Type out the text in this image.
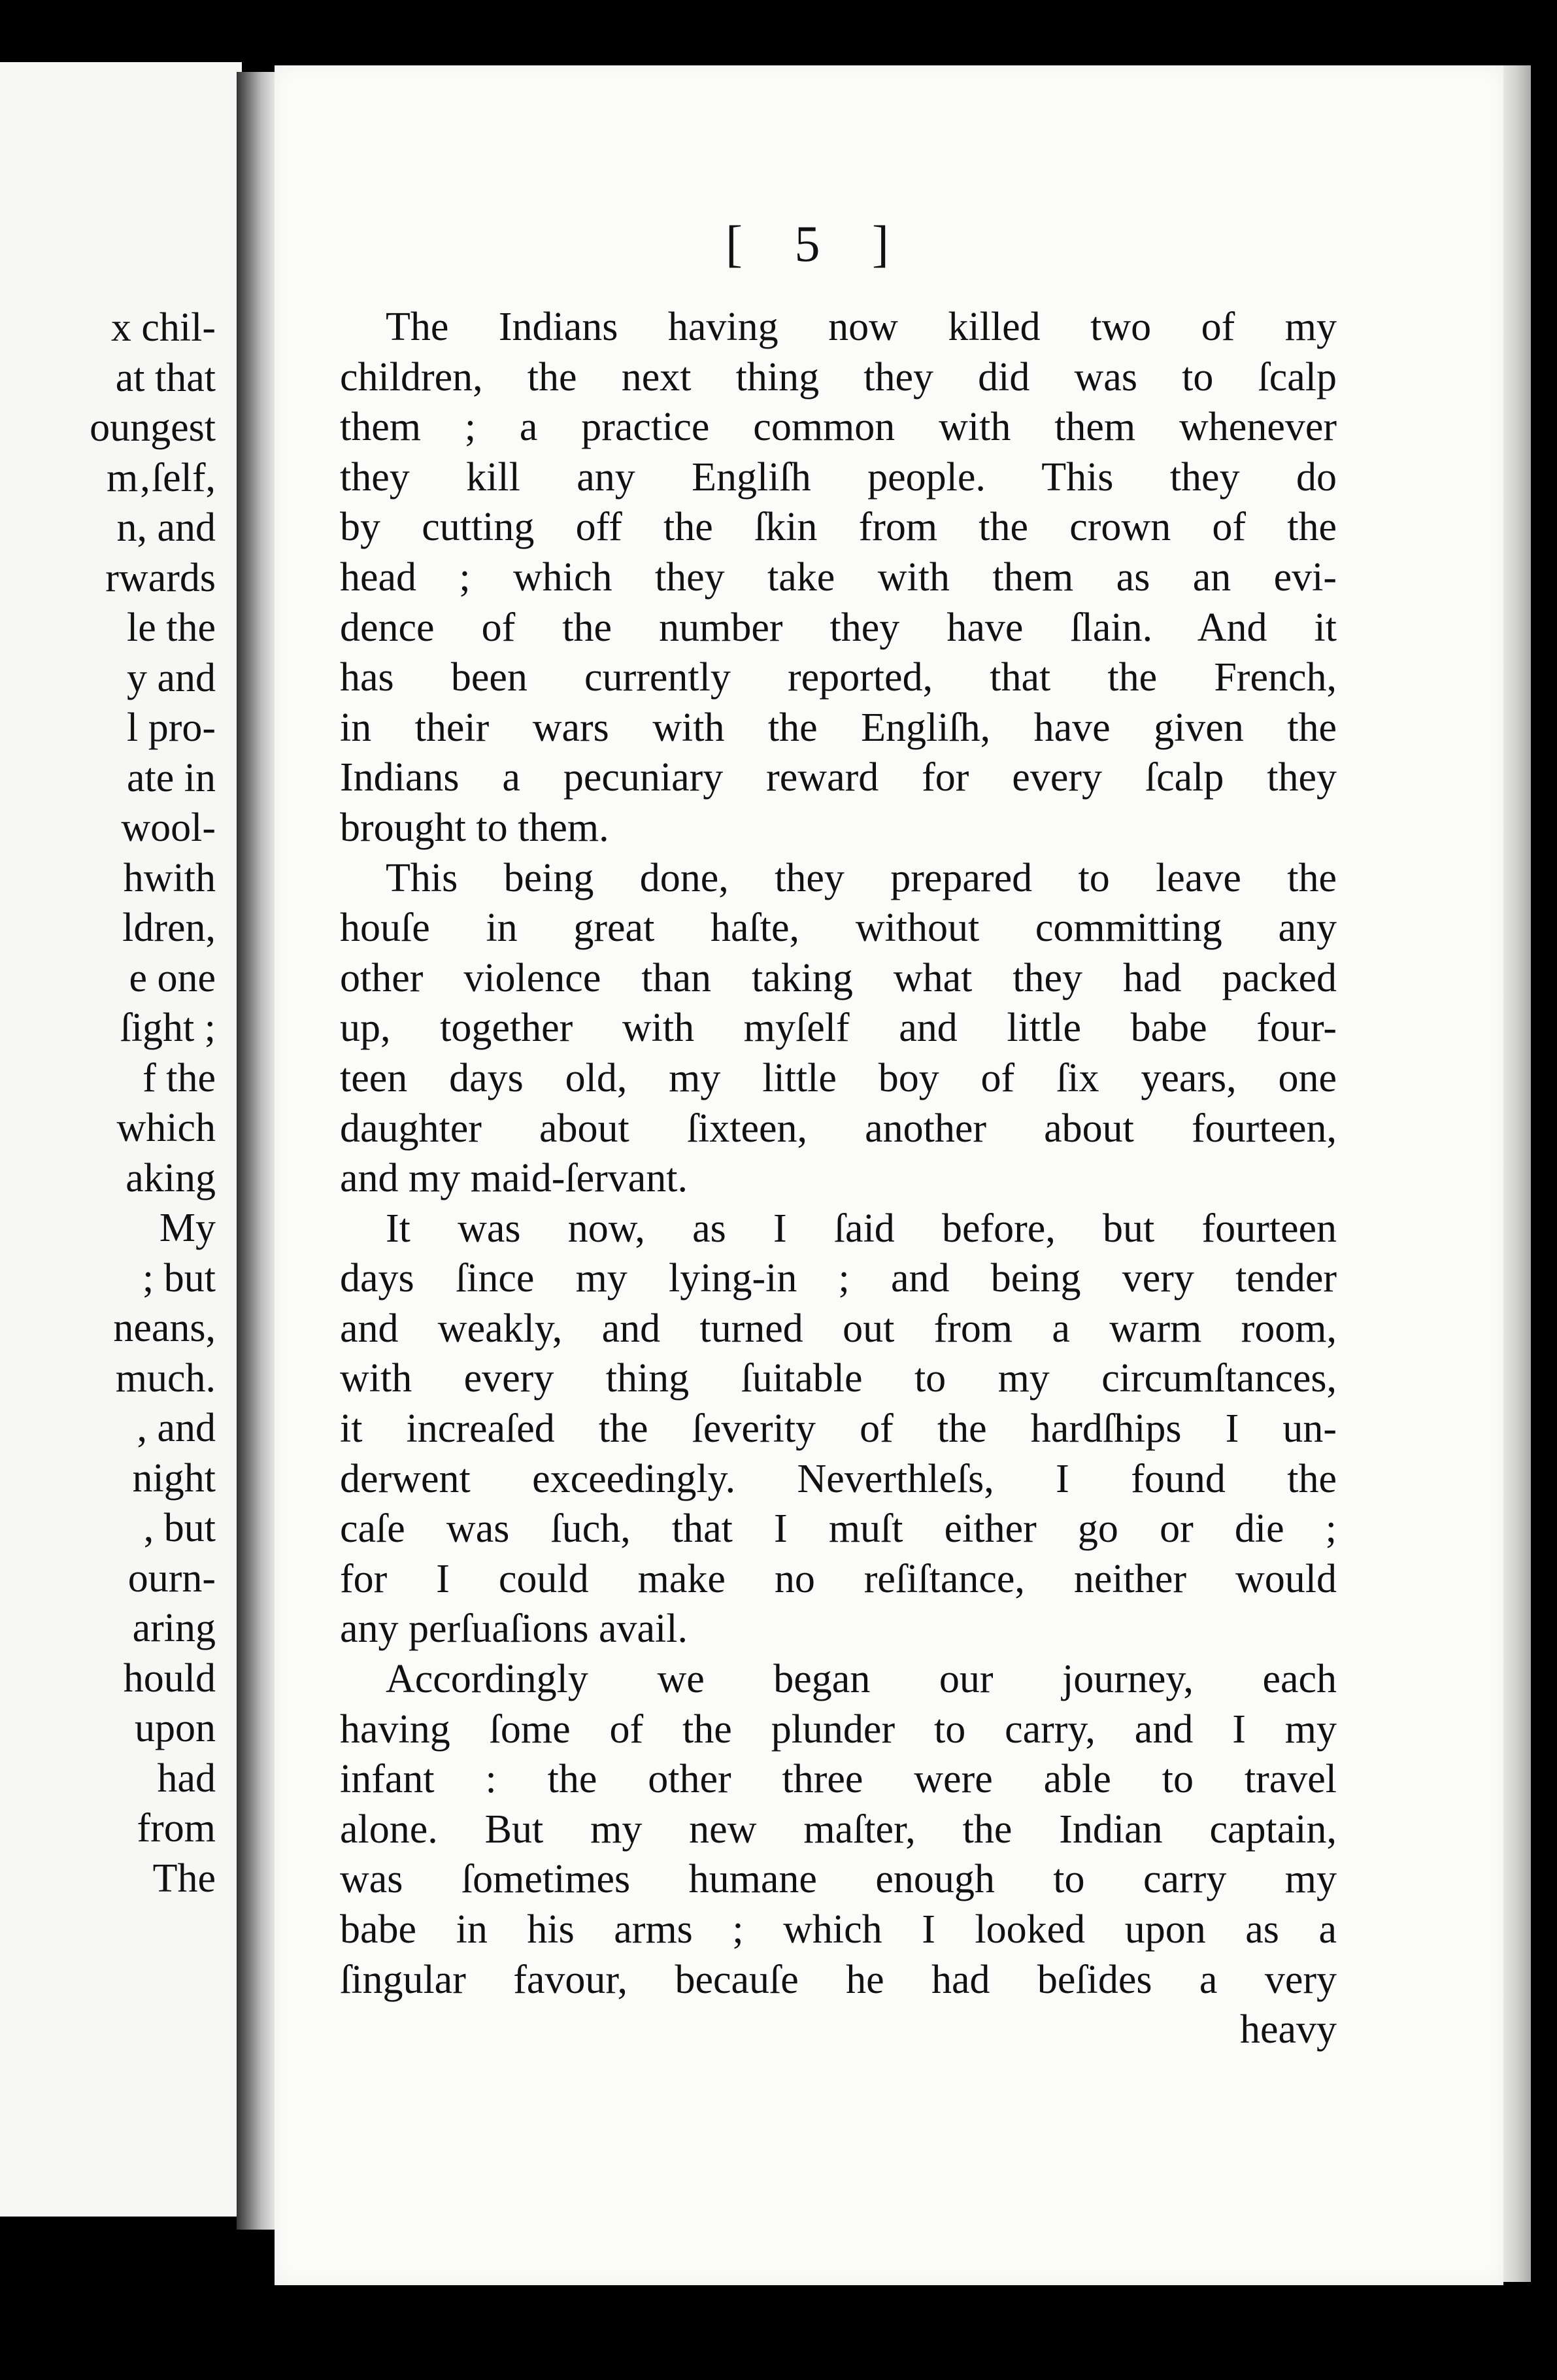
x chil-
at that
oungest
m‚ſelf,
n, and
rwards
le the
y and
l pro-
ate in
wool-
hwith
ldren,
e one
ſight ;
f the
which
aking
My
; but
neans,
much.
, and
night
, but
ourn-
aring
hould
upon
had
from
The
[ 5 ]
The Indians having now killed two of my
children, the next thing they did was to ſcalp
them ; a practice common with them whenever
they kill any Engliſh people. This they do
by cutting off the ſkin from the crown of the
head ; which they take with them as an evi-
dence of the number they have ſlain. And it
has been currently reported, that the French,
in their wars with the Engliſh, have given the
Indians a pecuniary reward for every ſcalp they
brought to them.
This being done, they prepared to leave the
houſe in great haſte, without committing any
other violence than taking what they had packed
up, together with myſelf and little babe four-
teen days old, my little boy of ſix years, one
daughter about ſixteen, another about fourteen,
and my maid-ſervant.
It was now, as I ſaid before, but fourteen
days ſince my lying-in ; and being very tender
and weakly, and turned out from a warm room,
with every thing ſuitable to my circumſtances,
it increaſed the ſeverity of the hardſhips I un-
derwent exceedingly. Neverthleſs, I found the
caſe was ſuch, that I muſt either go or die ;
for I could make no reſiſtance, neither would
any perſuaſions avail.
Accordingly we began our journey, each
having ſome of the plunder to carry, and I my
infant : the other three were able to travel
alone. But my new maſter, the Indian captain,
was ſometimes humane enough to carry my
babe in his arms ; which I looked upon as a
ſingular favour, becauſe he had beſides a very
heavy
